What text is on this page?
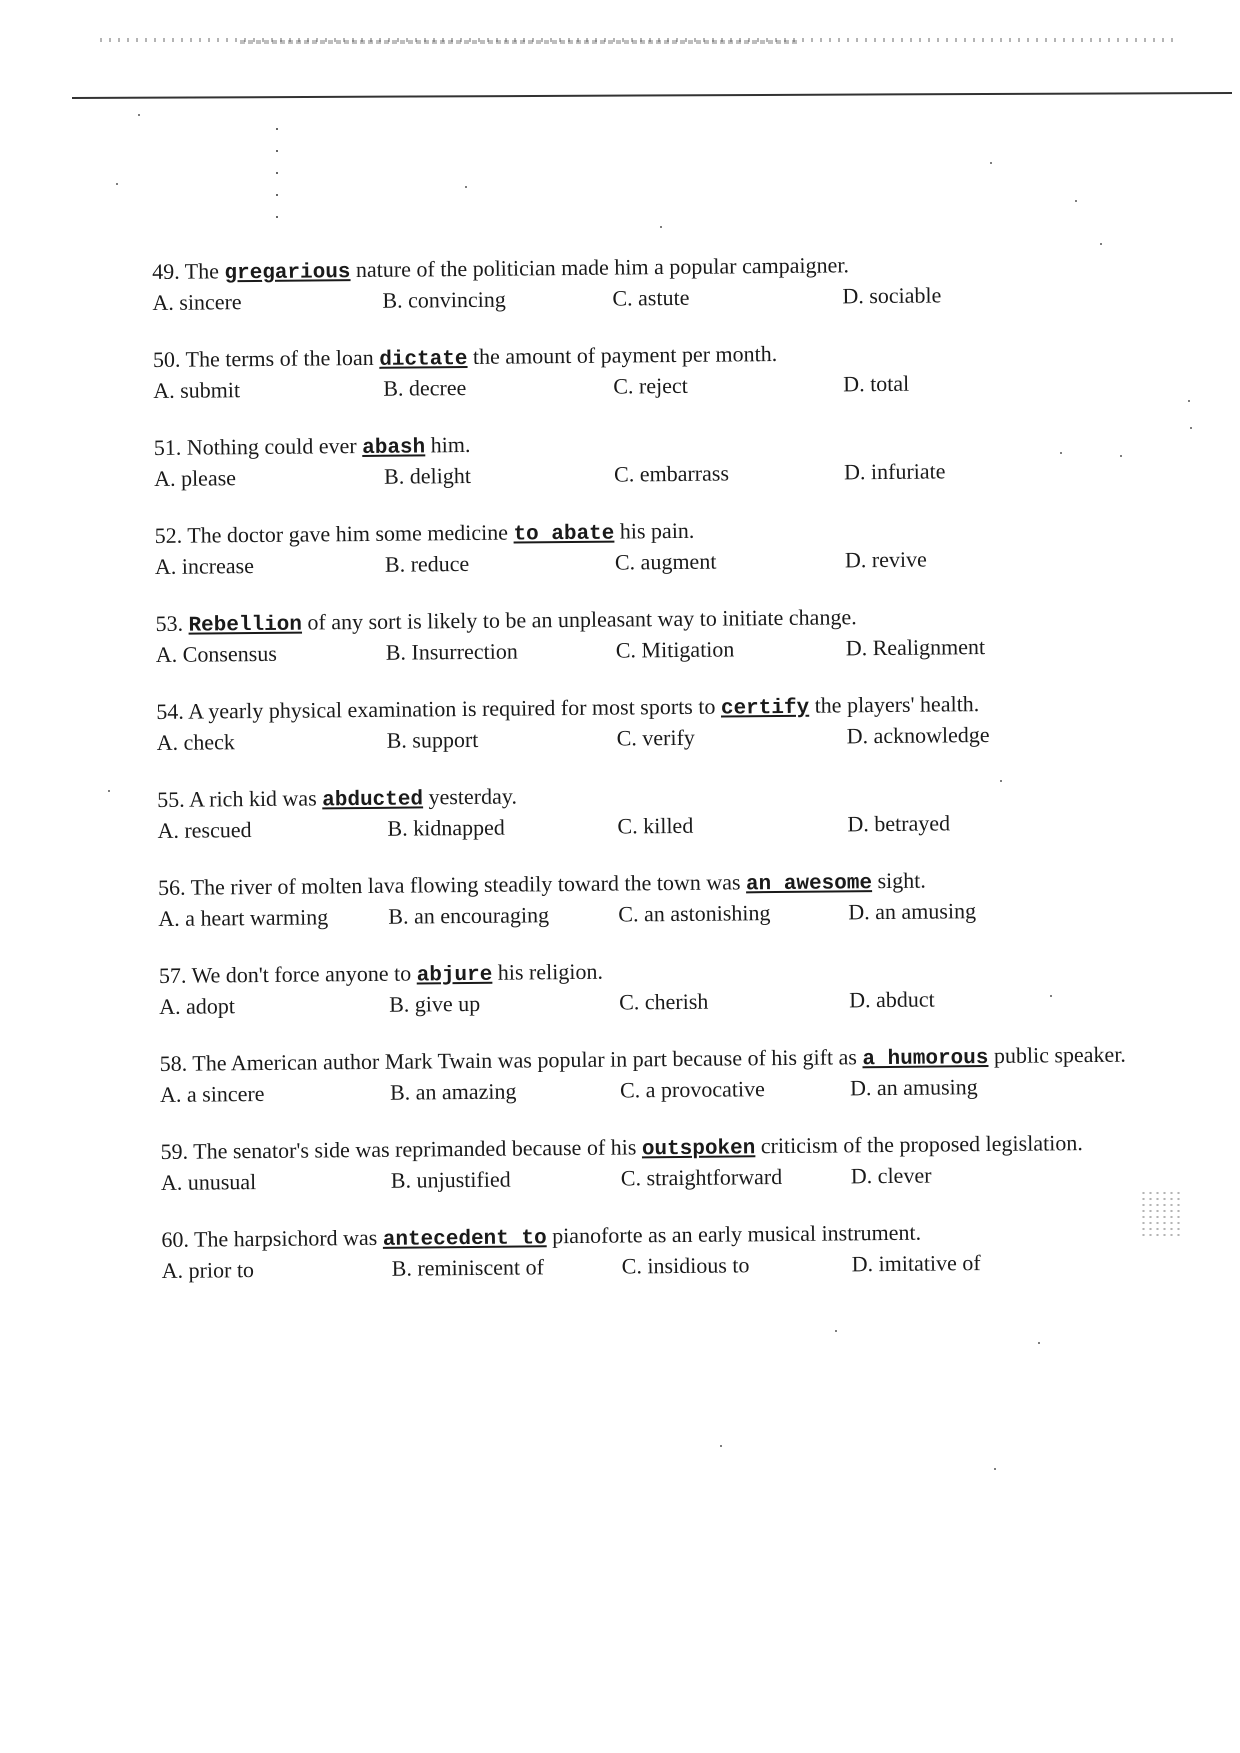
49. The gregarious nature of the politician made him a popular campaigner.
A. sincere	B. convincing	C. astute	D. sociable
50. The terms of the loan dictate the amount of payment per month.
A. submit	B. decree	C. reject	D. total
51. Nothing could ever abash him.
A. please	B. delight	C. embarrass	D. infuriate
52. The doctor gave him some medicine to abate his pain.
A. increase	B. reduce	C. augment	D. revive
53. Rebellion of any sort is likely to be an unpleasant way to initiate change.
A. Consensus	B. Insurrection	C. Mitigation	D. Realignment
54. A yearly physical examination is required for most sports to certify the players' health.
A. check	B. support	C. verify	D. acknowledge
55. A rich kid was abducted yesterday.
A. rescued	B. kidnapped	C. killed	D. betrayed
56. The river of molten lava flowing steadily toward the town was an awesome sight.
A. a heart warming	B. an encouraging	C. an astonishing	D. an amusing
57. We don't force anyone to abjure his religion.
A. adopt	B. give up	C. cherish	D. abduct
58. The American author Mark Twain was popular in part because of his gift as a humorous public speaker.
A. a sincere	B. an amazing	C. a provocative	D. an amusing
59. The senator's side was reprimanded because of his outspoken criticism of the proposed legislation.
A. unusual	B. unjustified	C. straightforward	D. clever
60. The harpsichord was antecedent to pianoforte as an early musical instrument.
A. prior to	B. reminiscent of	C. insidious to	D. imitative of
